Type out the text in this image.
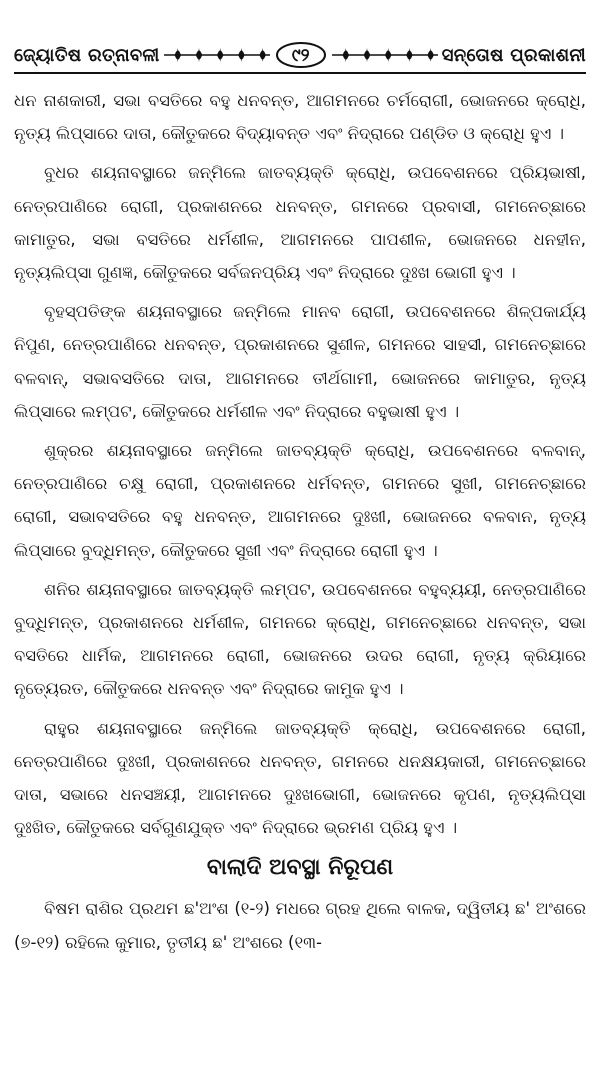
ଜ୍ୟୋତିଷ ରତ୍ନାବଳୀ	୯୨	ସନ୍ତୋଷ ପ୍ରକାଶନୀ

ଧନ ନାଶକାରୀ, ସଭା ବସତିରେ ବହୁ ଧନବନ୍ତ, ଆଗମନରେ ଚର୍ମରୋଗୀ, ଭୋଜନରେ କ୍ରୋଧି, ନୃତ୍ୟ ଲିପ୍‌ସାରେ ଦାତା, କୌତୁକରେ ବିଦ୍ୟାବନ୍ତ ଏବଂ ନିଦ୍ରାରେ ପଣ୍ଡିତ ଓ କ୍ରୋଧି ହୁଏ ।

ବୁଧର ଶୟନାବସ୍ଥାରେ ଜନ୍ମିଲେ ଜାତବ୍ୟକ୍ତି କ୍ରୋଧି, ଉପବେଶନରେ ପ୍ରିୟଭାଷୀ, ନେତ୍ରପାଣିରେ ରୋଗୀ, ପ୍ରକାଶନରେ ଧନବନ୍ତ, ଗମନରେ ପ୍ରବାସୀ, ଗମନେଚ୍ଛାରେ କାମାତୁର, ସଭା ବସତିରେ ଧର୍ମଶୀଳ, ଆଗମନରେ ପାପଶୀଳ, ଭୋଜନରେ ଧନହୀନ, ନୃତ୍ୟଲିପ୍‌ସା ଗୁଣଜ୍ଞ, କୌତୁକରେ ସର୍ବଜନପ୍ରିୟ ଏବଂ ନିଦ୍ରାରେ ଦୁଃଖ ଭୋଗୀ ହୁଏ ।

ବୃହସ୍ପତିଙ୍କ ଶୟନାବସ୍ଥାରେ ଜନ୍ମିଲେ ମାନବ ରୋଗୀ, ଉପବେଶନରେ ଶିଳ୍ପକାର୍ଯ୍ୟ ନିପୁଣ, ନେତ୍ରପାଣିରେ ଧନବନ୍ତ, ପ୍ରକାଶନରେ ସୁଶୀଳ, ଗମନରେ ସାହସୀ, ଗମନେଚ୍ଛାରେ ବଳବାନ୍, ସଭାବସତିରେ ଦାତା, ଆଗମନରେ ତୀର୍ଥଗାମୀ, ଭୋଜନରେ କାମାତୁର, ନୃତ୍ୟ ଲିପ୍‌ସାରେ ଲମ୍ପଟ, କୌତୁକରେ ଧର୍ମଶୀଳ ଏବଂ ନିଦ୍ରାରେ ବହୁଭାଷୀ ହୁଏ ।

ଶୁକ୍ରର ଶୟନାବସ୍ଥାରେ ଜନ୍ମିଲେ ଜାତବ୍ୟକ୍ତି କ୍ରୋଧି, ଉପବେଶନରେ ବଳବାନ୍, ନେତ୍ରପାଣିରେ ଚକ୍ଷୁ ରୋଗୀ, ପ୍ରକାଶନରେ ଧର୍ମବନ୍ତ, ଗମନରେ ସୁଖୀ, ଗମନେଚ୍ଛାରେ ରୋଗୀ, ସଭାବସତିରେ ବହୁ ଧନବନ୍ତ, ଆଗମନରେ ଦୁଃଖୀ, ଭୋଜନରେ ବଳବାନ, ନୃତ୍ୟ ଲିପ୍‌ସାରେ ବୁଦ୍ଧିମନ୍ତ, କୌତୁକରେ ସୁଖୀ ଏବଂ ନିଦ୍ରାରେ ରୋଗୀ ହୁଏ ।

ଶନିର ଶୟନାବସ୍ଥାରେ ଜାତବ୍ୟକ୍ତି ଲମ୍ପଟ, ଉପବେଶନରେ ବହୁବ୍ୟୟୀ, ନେତ୍ରପାଣିରେ ବୁଦ୍ଧିମନ୍ତ, ପ୍ରକାଶନରେ ଧର୍ମଶୀଳ, ଗମନରେ କ୍ରୋଧି, ଗମନେଚ୍ଛାରେ ଧନବନ୍ତ, ସଭା ବସତିରେ ଧାର୍ମିକ, ଆଗମନରେ ରୋଗୀ, ଭୋଜନରେ ଉଦର ରୋଗୀ, ନୃତ୍ୟ କ୍ରିୟାରେ ନୃତ୍ୟେରତ, କୌତୁକରେ ଧନବନ୍ତ ଏବଂ ନିଦ୍ରାରେ କାମୁକ ହୁଏ ।

ରାହୁର ଶୟନାବସ୍ଥାରେ ଜନ୍ମିଲେ ଜାତବ୍ୟକ୍ତି କ୍ରୋଧି, ଉପବେଶନରେ ରୋଗୀ, ନେତ୍ରପାଣିରେ ଦୁଃଖୀ, ପ୍ରକାଶନରେ ଧନବନ୍ତ, ଗମନରେ ଧନକ୍ଷୟକାରୀ, ଗମନେଚ୍ଛାରେ ଦାତା, ସଭାରେ ଧନସଞ୍ଚୟୀ, ଆଗମନରେ ଦୁଃଖଭୋଗୀ, ଭୋଜନରେ କୃପଣ, ନୃତ୍ୟଲିପ୍‌ସା ଦୁଃଖିତ, କୌତୁକରେ ସର୍ବଗୁଣଯୁକ୍ତ ଏବଂ ନିଦ୍ରାରେ ଭ୍ରମଣ ପ୍ରିୟ ହୁଏ ।

ବାଲାଦି ଅବସ୍ଥା ନିରୂପଣ

ବିଷମ ରାଶିର ପ୍ରଥମ ଛ'ଅଂଶ (୧-୨) ମଧରେ ଗ୍ରହ ଥିଲେ ବାଳକ, ଦ୍ୱିତୀୟ ଛ' ଅଂଶରେ (୭-୧୨) ରହିଲେ କୁମାର, ତୃତୀୟ ଛ' ଅଂଶରେ (୧୩-
